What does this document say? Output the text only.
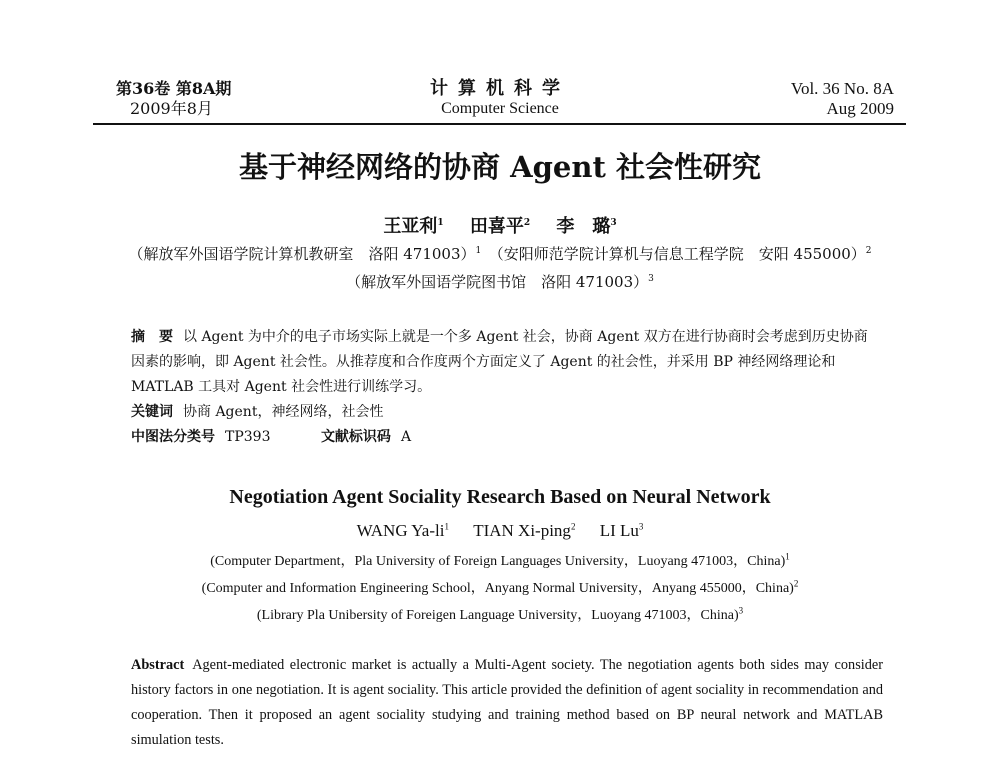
第36卷 第8A期
2009年8月
计算机科学
Computer Science
Vol. 36 No. 8A
Aug 2009
基于神经网络的协商 Agent 社会性研究
王亚利$^1$ 田喜平$^2$ 李　璐$^3$
（解放军外国语学院计算机教研室　洛阳 471003）$^1$　（安阳师范学院计算机与信息工程学院　安阳 455000）$^2$
（解放军外国语学院图书馆　洛阳 471003）$^3$
摘　要 以 Agent 为中介的电子市场实际上就是一个多 Agent 社会，协商 Agent 双方在进行协商时会考虑到历史协商因素的影响，即 Agent 社会性。从推荐度和合作度两个方面定义了 Agent 的社会性，并采用 BP 神经网络理论和 MATLAB 工具对 Agent 社会性进行训练学习。
关键词 协商 Agent，神经网络，社会性
中图法分类号 TP393	文献标识码 A
Negotiation Agent Sociality Research Based on Neural Network
WANG $Ya-li^1$ TIAN Xi-ping$^2$ LI Lu$^3$
(Computer Department，Pla University of Foreign Languages University，Luoyang 471003，China)$^1$
(Computer and Information Engineering School，Anyang Normal University，Anyang 455000，China)$^2$
(Library Pla Unibersity of Foreigen Language University，Luoyang 471003，China)$^3$
Abstract Agent-mediated electronic market is actually a Multi-Agent society. The negotiation agents both sides may consider history factors in one negotiation. It is agent sociality. This article provided the definition of agent sociality in recommendation and cooperation. Then it proposed an agent sociality studying and training method based on BP neural network and MATLAB simulation tests.
